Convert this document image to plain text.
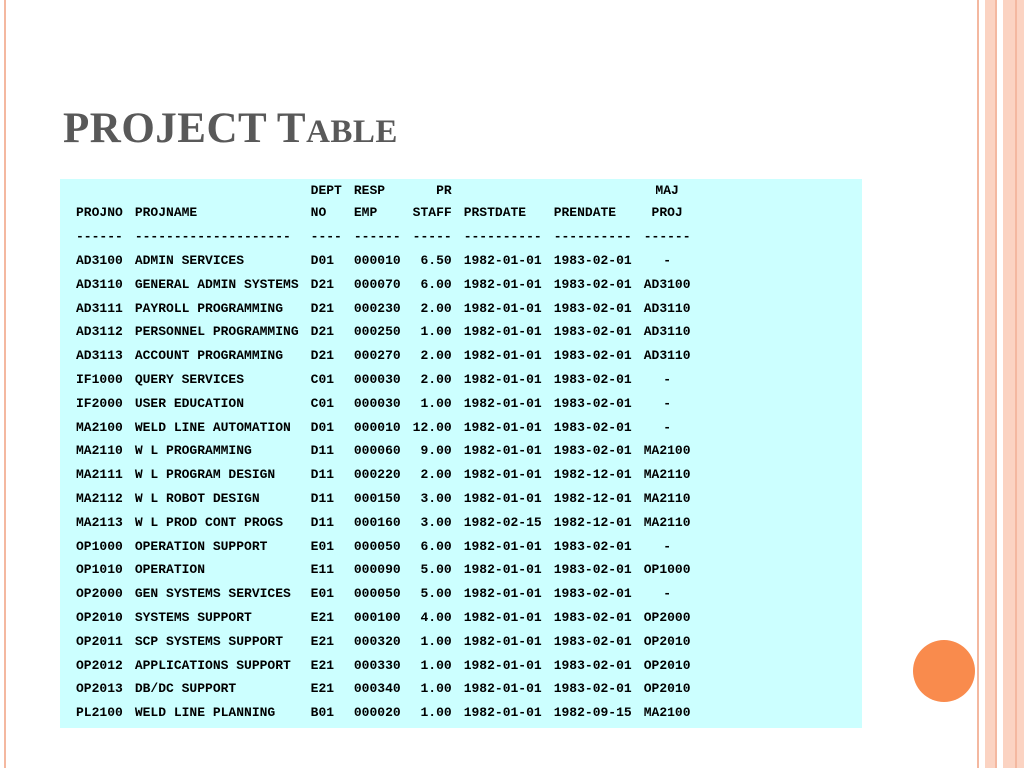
PROJECT TABLE
		DEPT	RESP	PR			MAJ
PROJNO	PROJNAME	NO	EMP	STAFF	PRSTDATE	PRENDATE	PROJ
------	--------------------	----	------	-----	----------	----------	------
AD3100	ADMIN SERVICES	D01	000010	6.50	1982-01-01	1983-02-01	-
AD3110	GENERAL ADMIN SYSTEMS	D21	000070	6.00	1982-01-01	1983-02-01	AD3100
AD3111	PAYROLL PROGRAMMING	D21	000230	2.00	1982-01-01	1983-02-01	AD3110
AD3112	PERSONNEL PROGRAMMING	D21	000250	1.00	1982-01-01	1983-02-01	AD3110
AD3113	ACCOUNT PROGRAMMING	D21	000270	2.00	1982-01-01	1983-02-01	AD3110
IF1000	QUERY SERVICES	C01	000030	2.00	1982-01-01	1983-02-01	-
IF2000	USER EDUCATION	C01	000030	1.00	1982-01-01	1983-02-01	-
MA2100	WELD LINE AUTOMATION	D01	000010	12.00	1982-01-01	1983-02-01	-
MA2110	W L PROGRAMMING	D11	000060	9.00	1982-01-01	1983-02-01	MA2100
MA2111	W L PROGRAM DESIGN	D11	000220	2.00	1982-01-01	1982-12-01	MA2110
MA2112	W L ROBOT DESIGN	D11	000150	3.00	1982-01-01	1982-12-01	MA2110
MA2113	W L PROD CONT PROGS	D11	000160	3.00	1982-02-15	1982-12-01	MA2110
OP1000	OPERATION SUPPORT	E01	000050	6.00	1982-01-01	1983-02-01	-
OP1010	OPERATION	E11	000090	5.00	1982-01-01	1983-02-01	OP1000
OP2000	GEN SYSTEMS SERVICES	E01	000050	5.00	1982-01-01	1983-02-01	-
OP2010	SYSTEMS SUPPORT	E21	000100	4.00	1982-01-01	1983-02-01	OP2000
OP2011	SCP SYSTEMS SUPPORT	E21	000320	1.00	1982-01-01	1983-02-01	OP2010
OP2012	APPLICATIONS SUPPORT	E21	000330	1.00	1982-01-01	1983-02-01	OP2010
OP2013	DB/DC SUPPORT	E21	000340	1.00	1982-01-01	1983-02-01	OP2010
PL2100	WELD LINE PLANNING	B01	000020	1.00	1982-01-01	1982-09-15	MA2100
